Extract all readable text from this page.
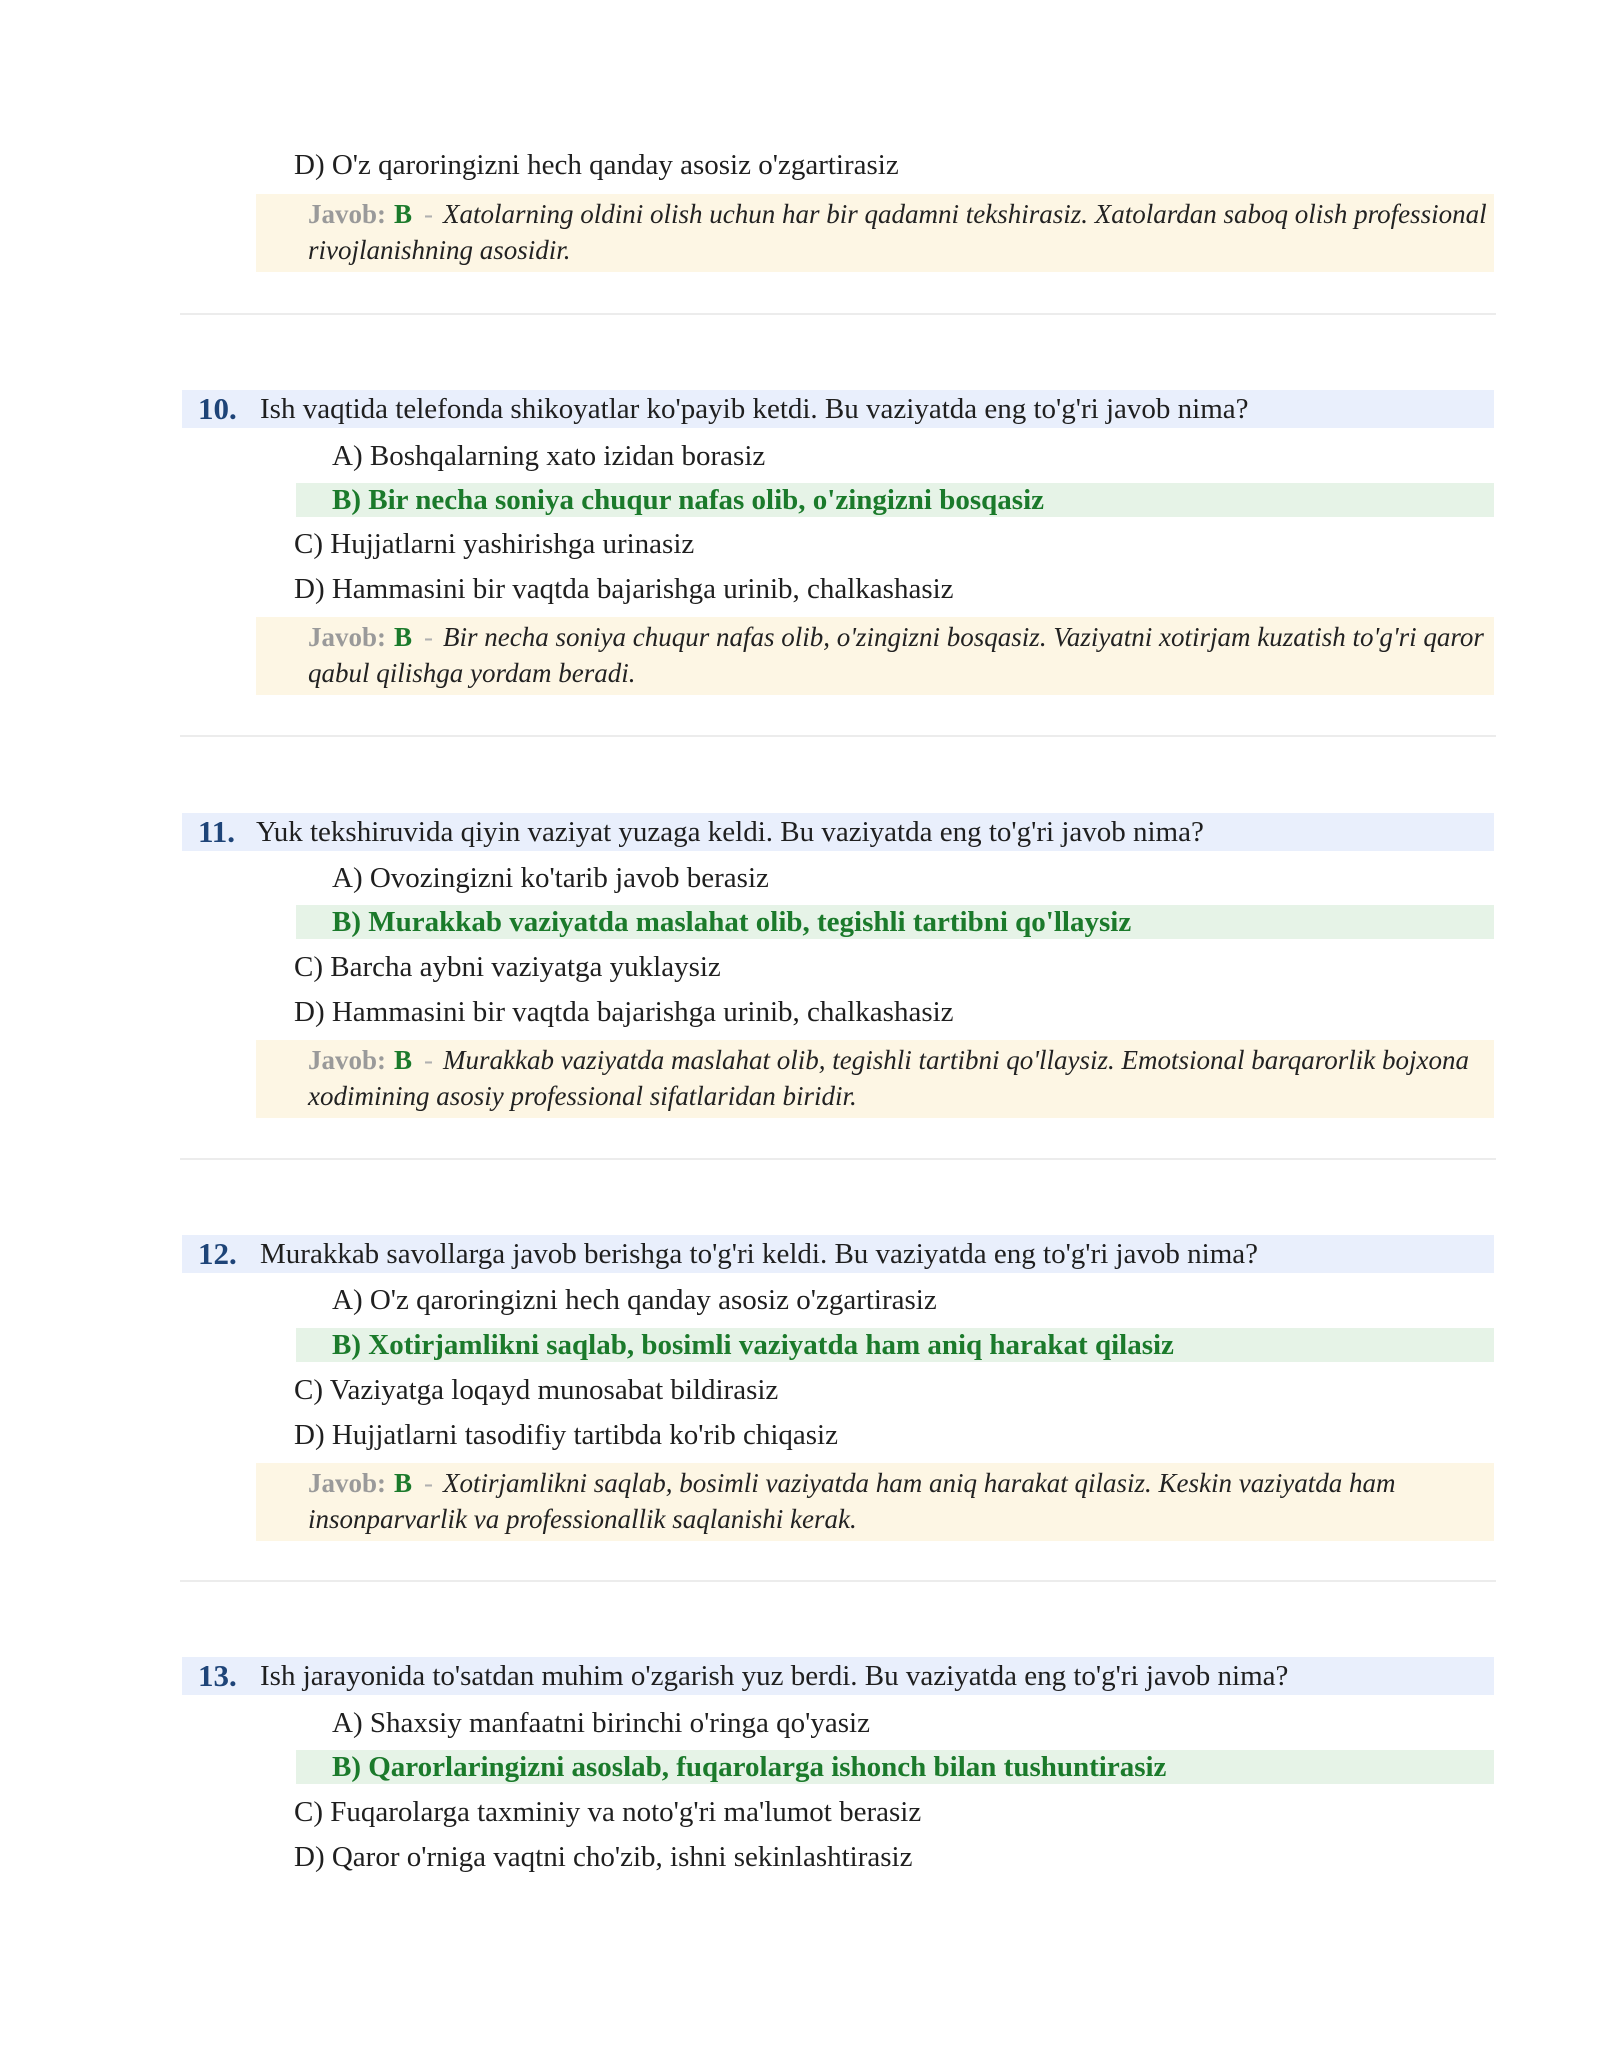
D) O'z qaroringizni hech qanday asosiz o'zgartirasiz
Javob: B - Xatolarning oldini olish uchun har bir qadamni tekshirasiz. Xatolardan saboq olish professional rivojlanishning asosidir.
10. Ish vaqtida telefonda shikoyatlar ko'payib ketdi. Bu vaziyatda eng to'g'ri javob nima?
A) Boshqalarning xato izidan borasiz
B) Bir necha soniya chuqur nafas olib, o'zingizni bosqasiz
C) Hujjatlarni yashirishga urinasiz
D) Hammasini bir vaqtda bajarishga urinib, chalkashasiz
Javob: B - Bir necha soniya chuqur nafas olib, o'zingizni bosqasiz. Vaziyatni xotirjam kuzatish to'g'ri qaror qabul qilishga yordam beradi.
11. Yuk tekshiruvida qiyin vaziyat yuzaga keldi. Bu vaziyatda eng to'g'ri javob nima?
A) Ovozingizni ko'tarib javob berasiz
B) Murakkab vaziyatda maslahat olib, tegishli tartibni qo'llaysiz
C) Barcha aybni vaziyatga yuklaysiz
D) Hammasini bir vaqtda bajarishga urinib, chalkashasiz
Javob: B - Murakkab vaziyatda maslahat olib, tegishli tartibni qo'llaysiz. Emotsional barqarorlik bojxona xodimining asosiy professional sifatlaridan biridir.
12. Murakkab savollarga javob berishga to'g'ri keldi. Bu vaziyatda eng to'g'ri javob nima?
A) O'z qaroringizni hech qanday asosiz o'zgartirasiz
B) Xotirjamlikni saqlab, bosimli vaziyatda ham aniq harakat qilasiz
C) Vaziyatga loqayd munosabat bildirasiz
D) Hujjatlarni tasodifiy tartibda ko'rib chiqasiz
Javob: B - Xotirjamlikni saqlab, bosimli vaziyatda ham aniq harakat qilasiz. Keskin vaziyatda ham insonparvarlik va professionallik saqlanishi kerak.
13. Ish jarayonida to'satdan muhim o'zgarish yuz berdi. Bu vaziyatda eng to'g'ri javob nima?
A) Shaxsiy manfaatni birinchi o'ringa qo'yasiz
B) Qarorlaringizni asoslab, fuqarolarga ishonch bilan tushuntirasiz
C) Fuqarolarga taxminiy va noto'g'ri ma'lumot berasiz
D) Qaror o'rniga vaqtni cho'zib, ishni sekinlashtirasiz
